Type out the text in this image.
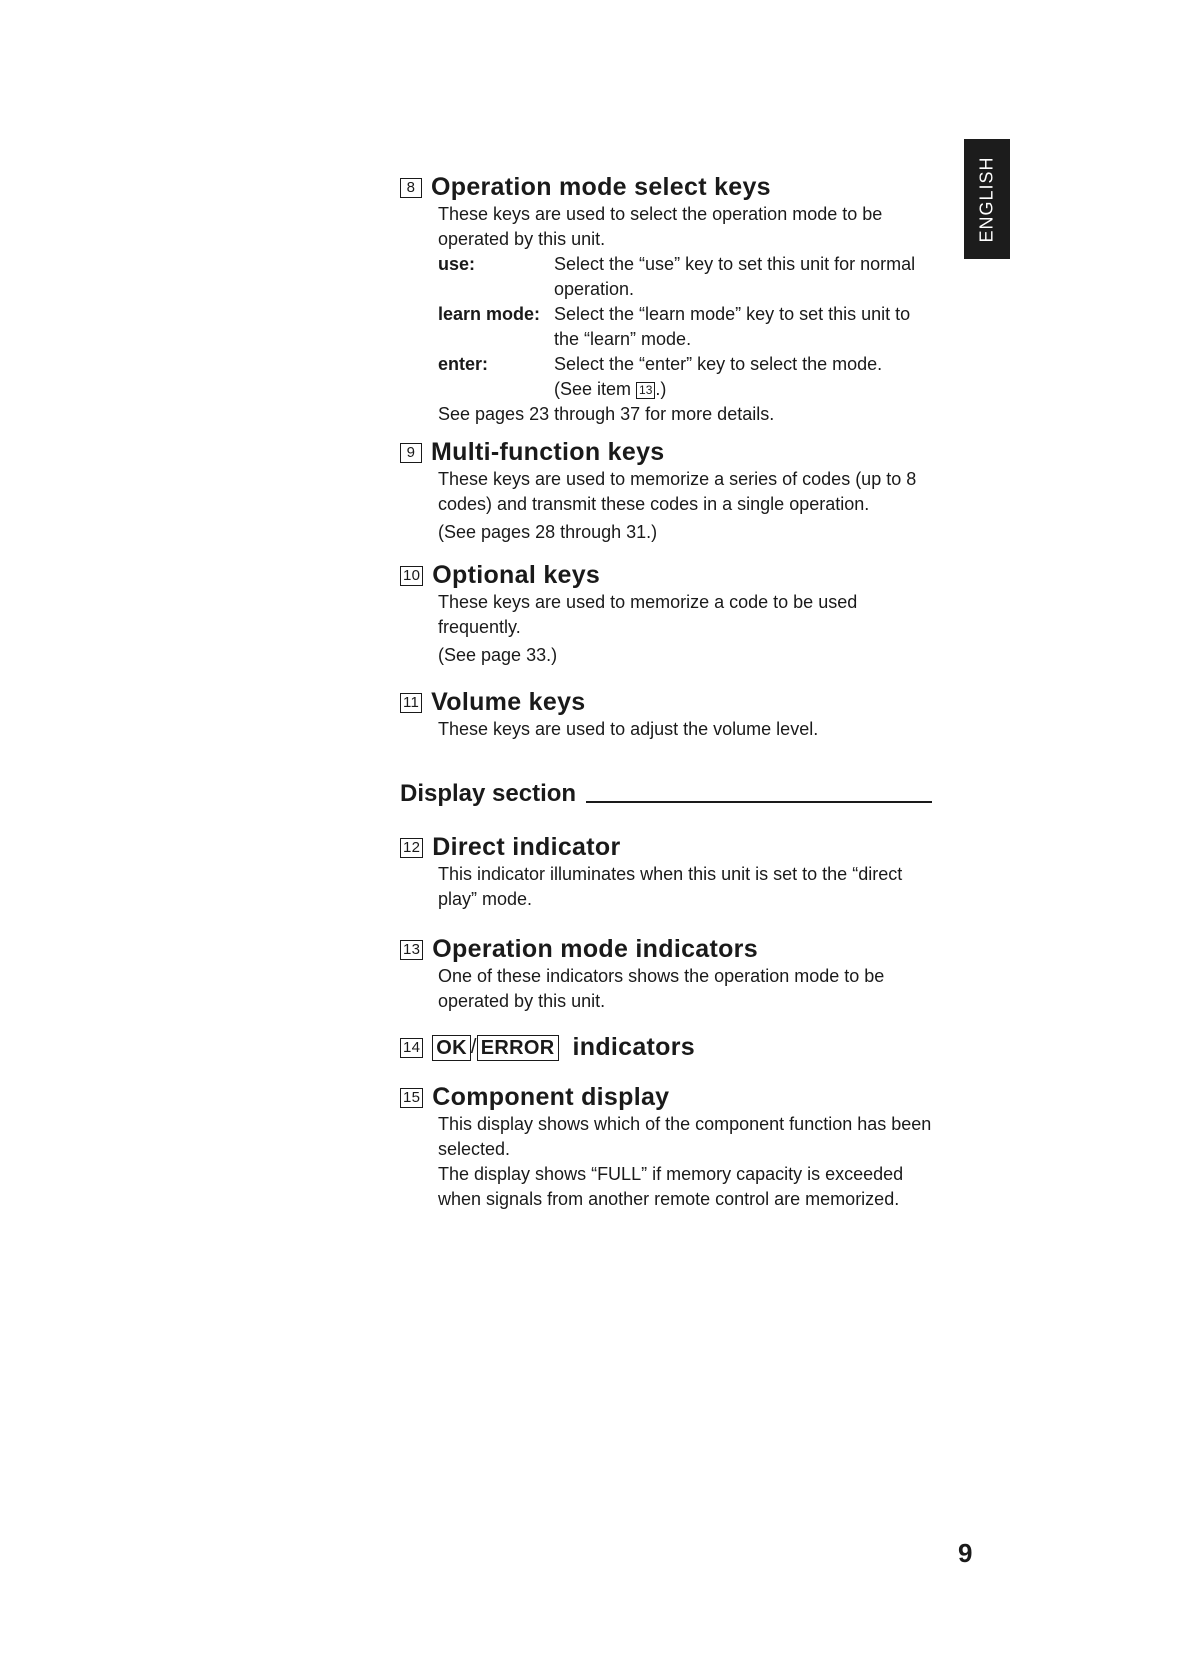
ENGLISH
8 Operation mode select keys

These keys are used to select the operation mode to be operated by this unit.

use:	Select the “use” key to set this unit for normal operation.
learn mode: Select the “learn mode” key to set this unit to the “learn” mode.
enter:	Select the “enter” key to select the mode.
(See item 13 .)

See pages 23 through 37 for more details.

9 Multi-function keys

These keys are used to memorize a series of codes (up to 8 codes) and transmit these codes in a single operation.

(See pages 28 through 31.)

10 Optional keys

These keys are used to memorize a code to be used frequently.

(See page 33.)

11 Volume keys

These keys are used to adjust the volume level.

Display section
12 Direct indicator

This indicator illuminates when this unit is set to the “direct play” mode.

13 Operation mode indicators

One of these indicators shows the operation mode to be operated by this unit.

14 OK / ERROR indicators
15 Component display

This display shows which of the component function has been selected.

The display shows “FULL” if memory capacity is exceeded when signals from another remote control are memorized.

9
